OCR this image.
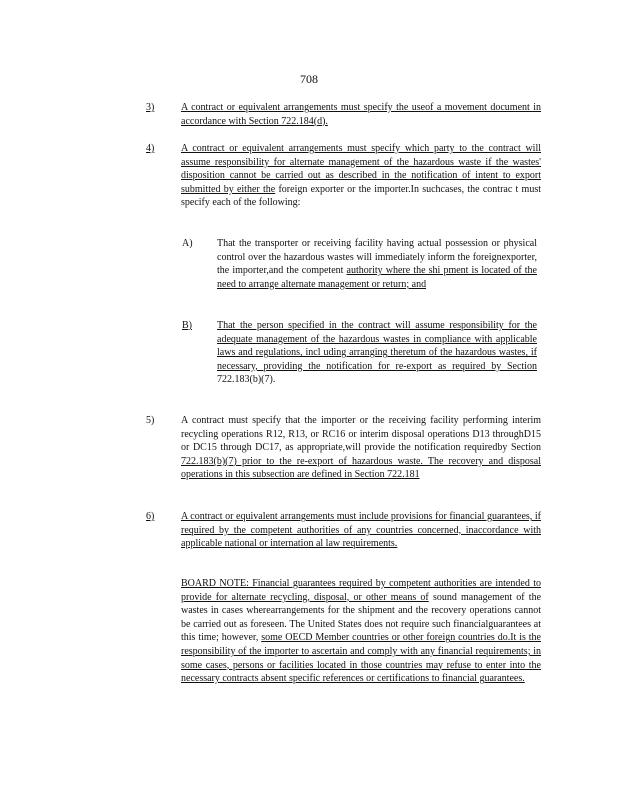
708
3)	A contract or equivalent arrangements must specify the useof a movement document in accordance with Section 722.184(d).
4)	A contract or equivalent arrangements must specify which party to the contract will assume responsibility for alternate management of the hazardous waste if the wastes' disposition cannot be carried out as described in the notification of intent to export submitted by either the foreign exporter or the importer.In suchcases, the contrac t must specify each of the following:
A) That the transporter or receiving facility having actual possession or physical control over the hazardous wastes will immediately inform the foreignexporter, the importer,and the competent authority where the shi pment is located of the need to arrange alternate management or return; and
B)	That the person specified in the contract will assume responsibility for the adequate management of the hazardous wastes in compliance with applicable laws and regulations, incl uding arranging theretum of the hazardous wastes, if necessary, providing the notification for re-export as required by Section 722.183(b)(7).
5)	A contract must specify that the importer or the receiving facility performing interim recycling operations R12, R13, or RC16 or interim disposal operations D13 throughD15 or DC15 through DC17, as appropriate,will provide the notification requiredby Section 722.183(b)(7) prior to the re-export of hazardous waste. The recovery and disposal operations in this subsection are defined in Section 722.181
6)	A contract or equivalent arrangements must include provisions for financial guarantees, if required by the competent authorities of any countries concerned, inaccordance with applicable national or internation al law requirements.
BOARD NOTE: Financial guarantees required by competent authorities are intended to provide for alternate recycling, disposal, or other means of sound management of the wastes in cases wherearrangements for the shipment and the recovery operations cannot be carried out as foreseen. The United States does not require such financialguarantees at this time; however, some OECD Member countries or other foreign countries do.It is the responsibility of the importer to ascertain and comply with any financial requirements; in some cases, persons or facilities located in those countries may refuse to enter into the necessary contracts absent specific references or certifications to financial guarantees.
